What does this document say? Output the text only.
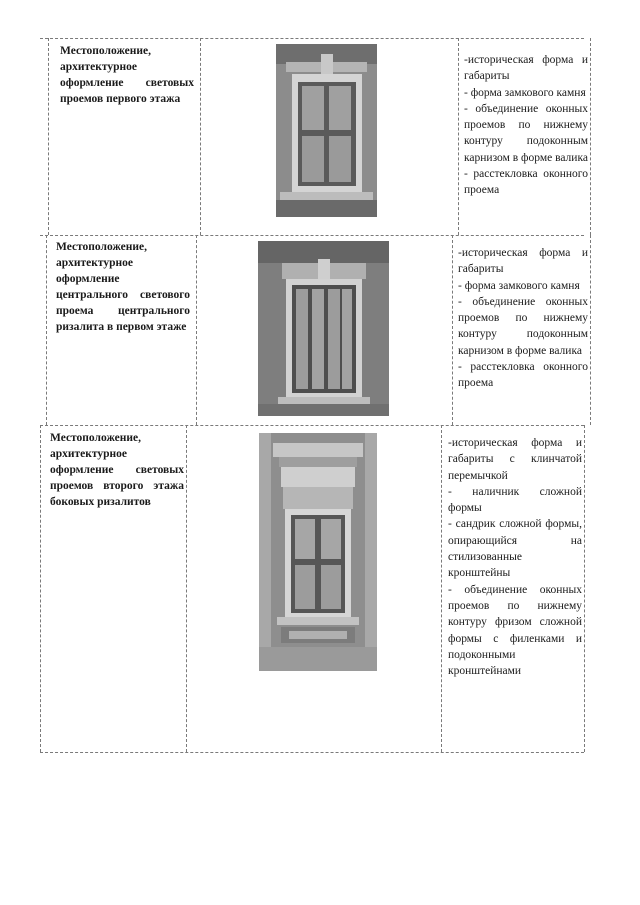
Местоположение, архитектурное оформление световых проемов первого этажа

-историческая форма и габариты

- форма замкового камня

- объединение оконных проемов по нижнему контуру подоконным карнизом в форме валика

- расстекловка оконного проема

Местоположение, архитектурное оформление центрального светового проема центрального ризалита в первом этаже

-историческая форма и габариты

- форма замкового камня

- объединение оконных проемов по нижнему контуру подоконным карнизом в форме валика

- расстекловка оконного проема

Местоположение, архитектурное оформление световых проемов второго этажа боковых ризалитов

-историческая форма и габариты с клинчатой перемычкой

- наличник сложной формы

- сандрик сложной формы, опирающийся на стилизованные кронштейны

- объединение оконных проемов по нижнему контуру фризом сложной формы с филенками и подоконными кронштейнами
